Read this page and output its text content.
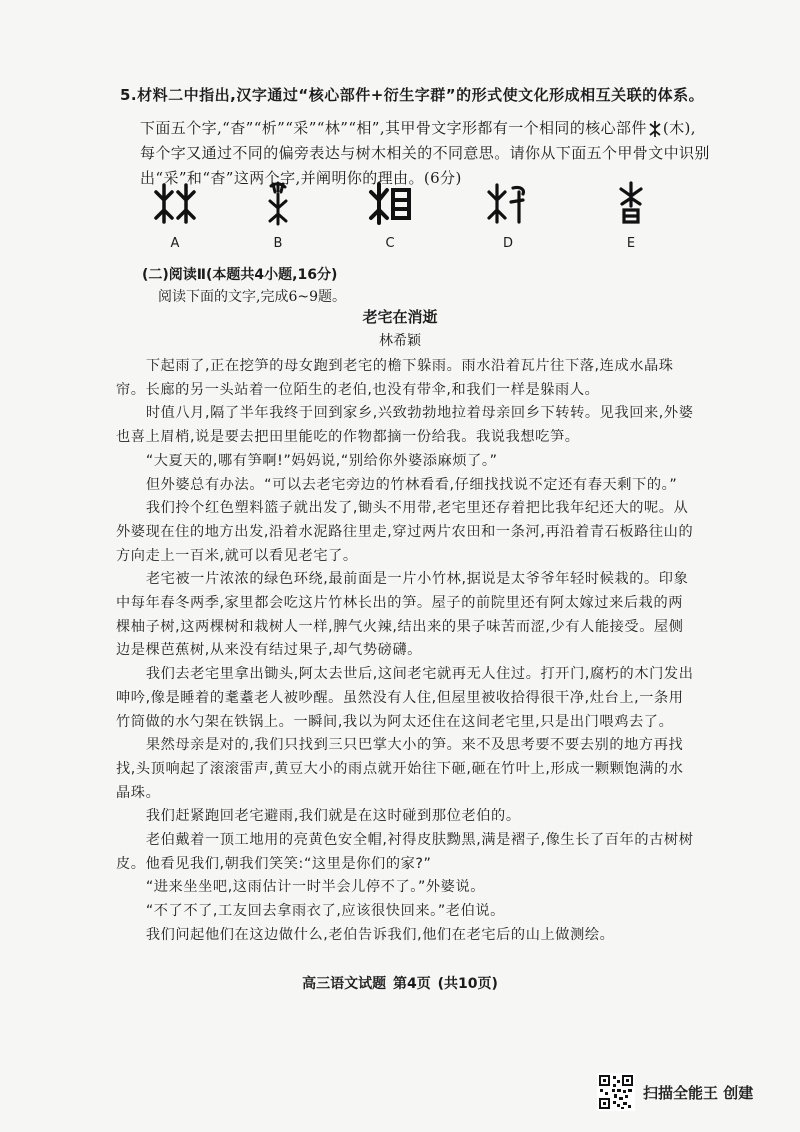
5.材料二中指出,汉字通过“核心部件+衍生字群”的形式使文化形成相互关联的体系。
下面五个字,“杳”“析”“采”“林”“相”,其甲骨文字形都有一个相同的核心部件 (木),每个字又通过不同的偏旁表达与树木相关的不同意思。请你从下面五个甲骨文中识别出“采”和“杳”这两个字,并阐明你的理由。(6分)
A	B	C	D	E
(二)阅读Ⅱ(本题共4小题,16分)
阅读下面的文字,完成6~9题。
老宅在消逝
林希颖

下起雨了,正在挖笋的母女跑到老宅的檐下躲雨。雨水沿着瓦片往下落,连成水晶珠帘。长廊的另一头站着一位陌生的老伯,也没有带伞,和我们一样是躲雨人。

时值八月,隔了半年我终于回到家乡,兴致勃勃地拉着母亲回乡下转转。见我回来,外婆也喜上眉梢,说是要去把田里能吃的作物都摘一份给我。我说我想吃笋。

“大夏天的,哪有笋啊!”妈妈说,“别给你外婆添麻烦了。”

但外婆总有办法。“可以去老宅旁边的竹林看看,仔细找找说不定还有春天剩下的。”

我们拎个红色塑料篮子就出发了,锄头不用带,老宅里还存着把比我年纪还大的呢。从外婆现在住的地方出发,沿着水泥路往里走,穿过两片农田和一条河,再沿着青石板路往山的方向走上一百米,就可以看见老宅了。

老宅被一片浓浓的绿色环绕,最前面是一片小竹林,据说是太爷爷年轻时候栽的。印象中每年春冬两季,家里都会吃这片竹林长出的笋。屋子的前院里还有阿太嫁过来后栽的两棵柚子树,这两棵树和栽树人一样,脾气火辣,结出来的果子味苦而涩,少有人能接受。屋侧边是棵芭蕉树,从来没有结过果子,却气势磅礴。

我们去老宅里拿出锄头,阿太去世后,这间老宅就再无人住过。打开门,腐朽的木门发出呻吟,像是睡着的耄耋老人被吵醒。虽然没有人住,但屋里被收拾得很干净,灶台上,一条用竹筒做的水勺架在铁锅上。一瞬间,我以为阿太还住在这间老宅里,只是出门喂鸡去了。

果然母亲是对的,我们只找到三只巴掌大小的笋。来不及思考要不要去别的地方再找找,头顶响起了滚滚雷声,黄豆大小的雨点就开始往下砸,砸在竹叶上,形成一颗颗饱满的水晶珠。

我们赶紧跑回老宅避雨,我们就是在这时碰到那位老伯的。

老伯戴着一顶工地用的亮黄色安全帽,衬得皮肤黝黑,满是褶子,像生长了百年的古树树皮。他看见我们,朝我们笑笑:“这里是你们的家?”

“进来坐坐吧,这雨估计一时半会儿停不了。”外婆说。

“不了不了,工友回去拿雨衣了,应该很快回来。”老伯说。

我们问起他们在这边做什么,老伯告诉我们,他们在老宅后的山上做测绘。

高三语文试题 第4页 (共10页)
扫描全能王 创建
